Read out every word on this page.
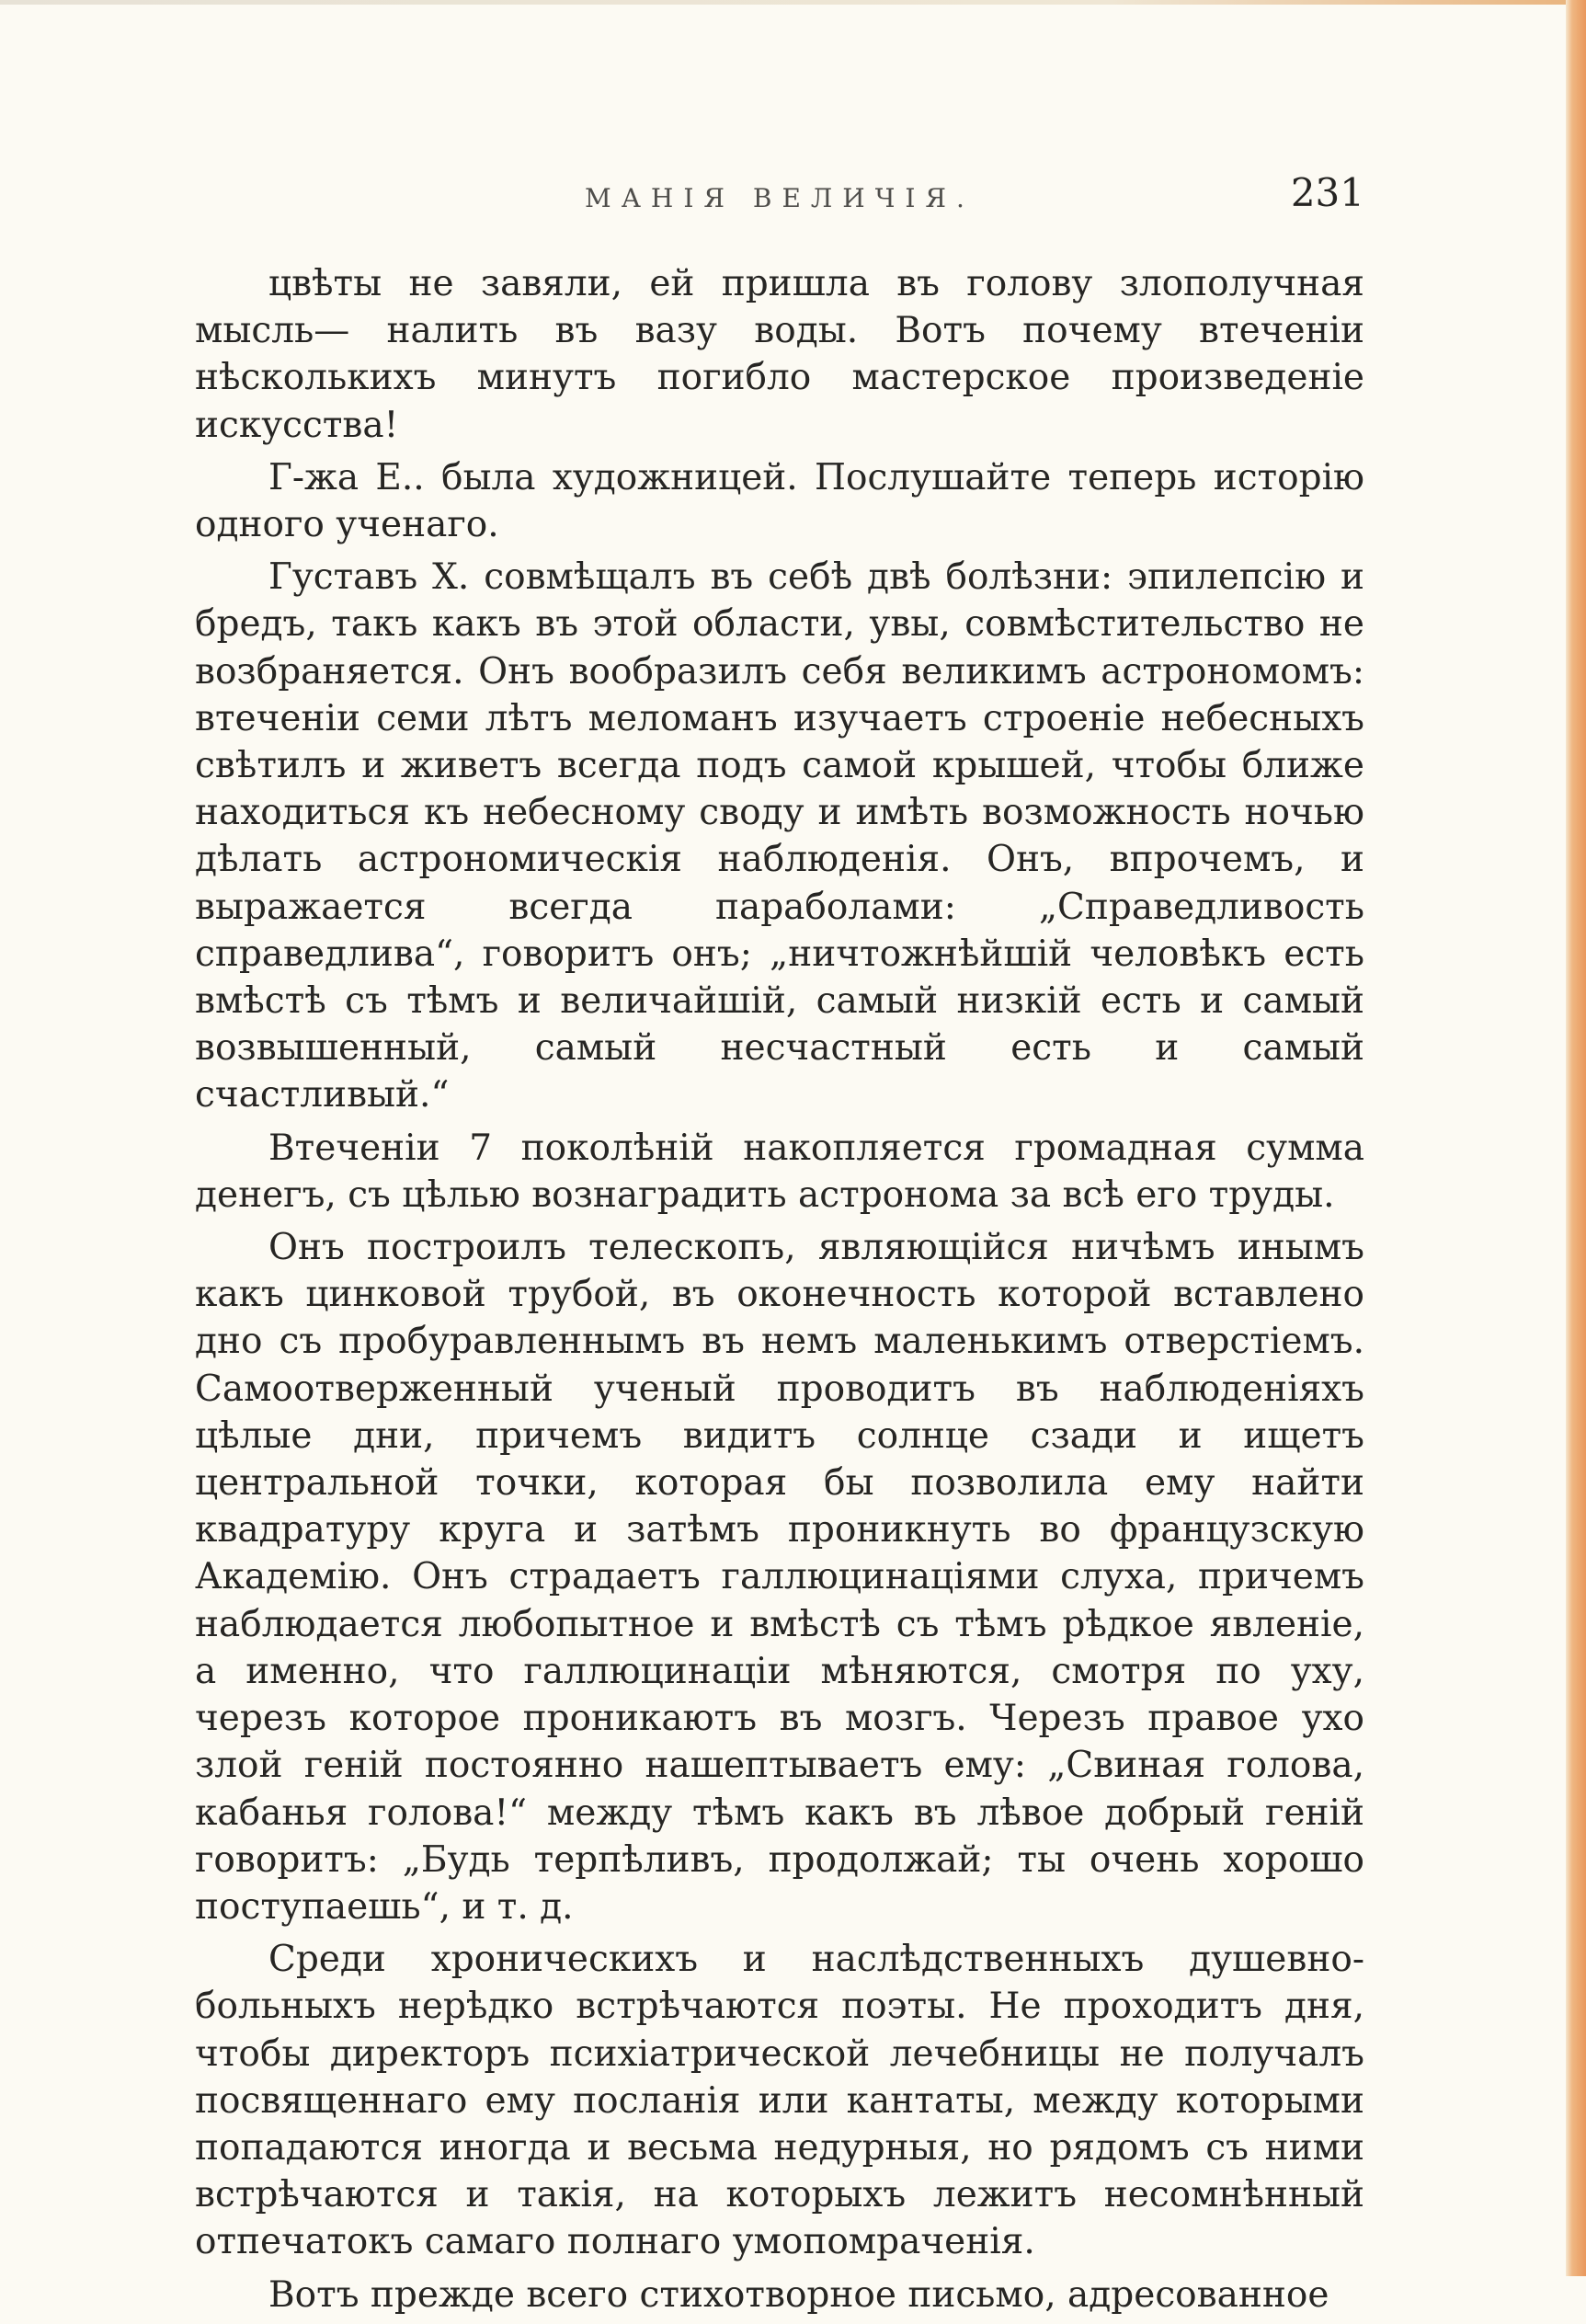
МАНІЯ ВЕЛИЧІЯ.	231

цвѣты не завяли, ей пришла въ голову злополучная мысль— налить въ вазу воды. Вотъ почему втеченіи нѣсколькихъ минутъ погибло мастерское произведеніе искусства!

Г-жа Е.. была художницей. Послушайте теперь исторію одного ученаго.

Густавъ Х. совмѣщалъ въ себѣ двѣ болѣзни: эпилепсію и бредъ, такъ какъ въ этой области, увы, совмѣстительство не возбраняется. Онъ вообразилъ себя великимъ астрономомъ: втеченіи семи лѣтъ меломанъ изучаетъ строеніе небесныхъ свѣтилъ и живетъ всегда подъ самой крышей, чтобы ближе находиться къ небесному своду и имѣть возможность ночью дѣлать астрономическія наблюденія. Онъ, впрочемъ, и выражается всегда параболами: „Справедливость справедлива“, говоритъ онъ; „ничтожнѣйшій человѣкъ есть вмѣстѣ съ тѣмъ и величайшій, самый низкій есть и самый возвышенный, самый несчастный есть и самый счастливый.“

Втеченіи 7 поколѣній накопляется громадная сумма денегъ, съ цѣлью вознаградить астронома за всѣ его труды.

Онъ построилъ телескопъ, являющійся ничѣмъ инымъ какъ цинковой трубой, въ оконечность которой вставлено дно съ пробуравленнымъ въ немъ маленькимъ отверстіемъ. Самоотверженный ученый проводитъ въ наблюденіяхъ цѣлые дни, причемъ видитъ солнце сзади и ищетъ центральной точки, которая бы позволила ему найти квадратуру круга и затѣмъ проникнуть во французскую Академію. Онъ страдаетъ галлюцинаціями слуха, причемъ наблюдается любопытное и вмѣстѣ съ тѣмъ рѣдкое явленіе, а именно, что галлюцинаціи мѣняются, смотря по уху, черезъ которое проникаютъ въ мозгъ. Черезъ правое ухо злой геній постоянно нашептываетъ ему: „Свиная голова, кабанья голова!“ между тѣмъ какъ въ лѣвое добрый геній говоритъ: „Будь терпѣливъ, продолжай; ты очень хорошо поступаешь“, и т. д.

Среди хроническихъ и наслѣдственныхъ душевно-больныхъ нерѣдко встрѣчаются поэты. Не проходитъ дня, чтобы директоръ психіатрической лечебницы не получалъ посвященнаго ему посланія или кантаты, между которыми попадаются иногда и весьма недурныя, но рядомъ съ ними встрѣчаются и такія, на которыхъ лежитъ несомнѣнный отпечатокъ самаго полнаго умопомраченія.

Вотъ прежде всего стихотворное письмо, адресованное
